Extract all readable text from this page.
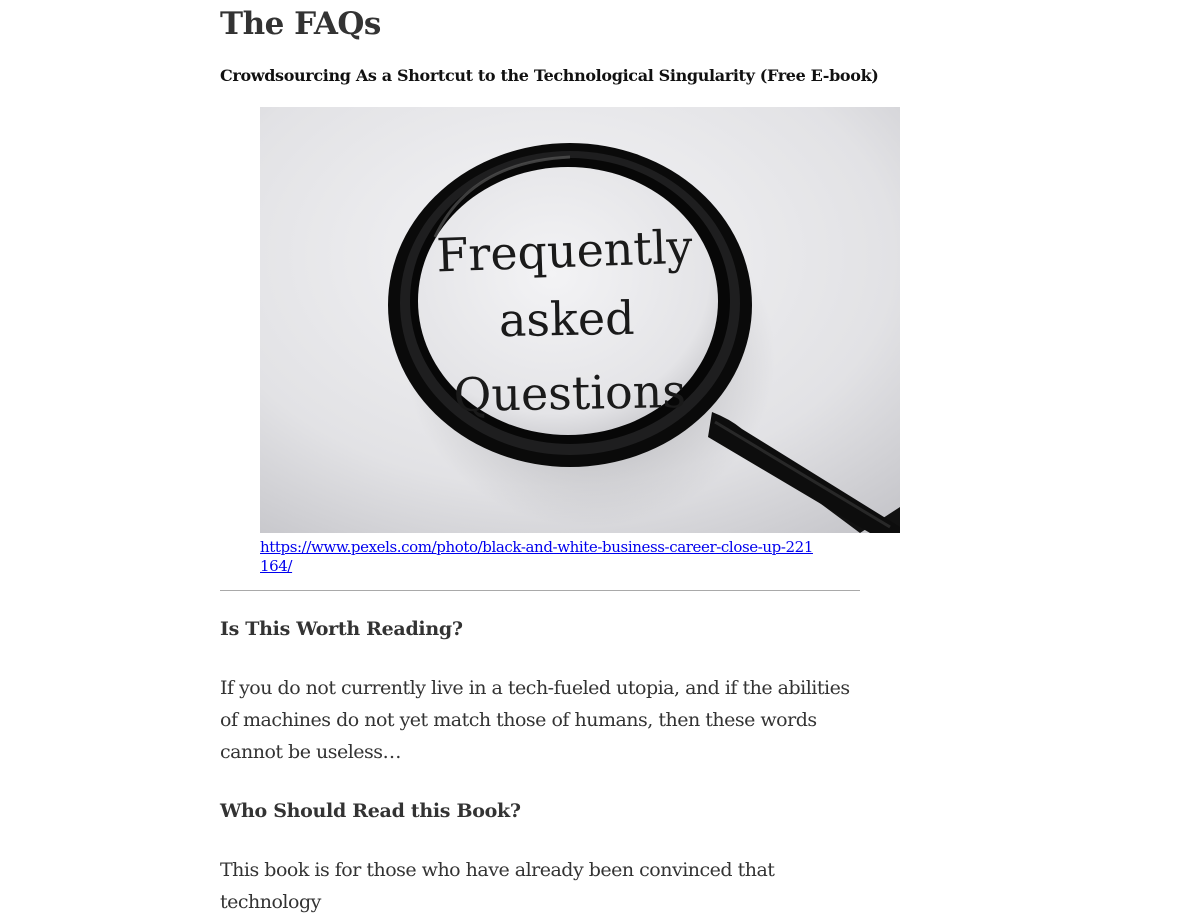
The FAQs
Crowdsourcing As a Shortcut to the Technological Singularity (Free E-book)
Frequently
asked
Questions
https://www.pexels.com/photo/black-and-white-business-career-close-up-221164/
Is This Worth Reading?

If you do not currently live in a tech-fueled utopia, and if the abilities of machines do not yet match those of humans, then these words cannot be useless…

Who Should Read this Book?

This book is for those who have already been convinced that technology
